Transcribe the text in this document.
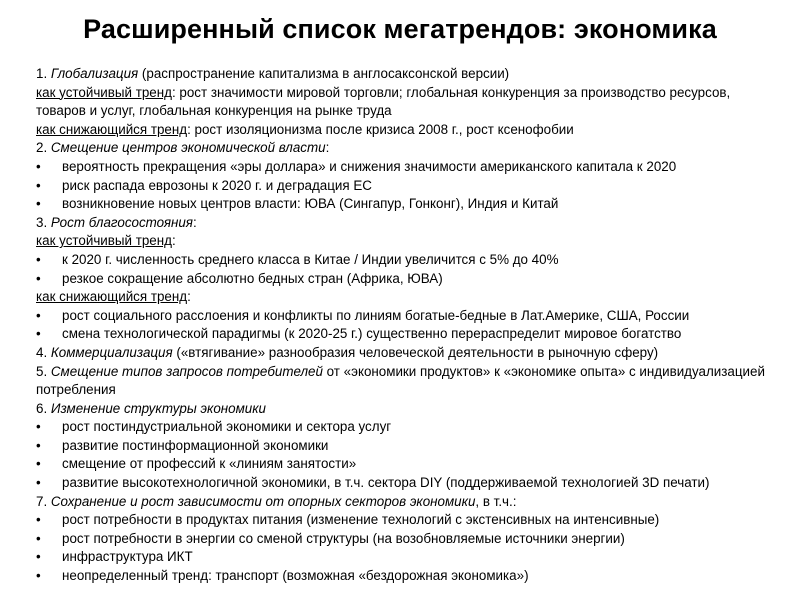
Расширенный список мегатрендов: экономика
1. Глобализация (распространение капитализма в англосаксонской версии)
как устойчивый тренд: рост значимости мировой торговли; глобальная конкуренция за производство ресурсов, товаров и услуг, глобальная конкуренция на рынке труда
как снижающийся тренд: рост изоляционизма после кризиса 2008 г., рост ксенофобии
2. Смещение центров экономической власти:
• вероятность прекращения «эры доллара» и снижения значимости американского капитала к 2020
• риск распада еврозоны к 2020 г. и деградация ЕС
• возникновение новых центров власти: ЮВА (Сингапур, Гонконг), Индия и Китай
3. Рост благосостояния:
как устойчивый тренд:
• к 2020 г. численность среднего класса в Китае / Индии увеличится с 5% до 40%
• резкое сокращение абсолютно бедных стран (Африка, ЮВА)
как снижающийся тренд:
• рост социального расслоения и конфликты по линиям богатые-бедные в Лат.Америке, США, России
• смена технологической парадигмы (к 2020-25 г.) существенно перераспределит мировое богатство
4. Коммерциализация («втягивание» разнообразия человеческой деятельности в рыночную сферу)
5. Смещение типов запросов потребителей от «экономики продуктов» к «экономике опыта» с индивидуализацией потребления
6. Изменение структуры экономики
• рост постиндустриальной экономики и сектора услуг
• развитие постинформационной экономики
• смещение от профессий к «линиям занятости»
• развитие высокотехнологичной экономики, в т.ч. сектора DIY (поддерживаемой технологией 3D печати)
7. Сохранение и рост зависимости от опорных секторов экономики, в т.ч.:
• рост потребности в продуктах питания (изменение технологий с экстенсивных на интенсивные)
• рост потребности в энергии со сменой структуры (на возобновляемые источники энергии)
• инфраструктура ИКТ
• неопределенный тренд: транспорт (возможная «бездорожная экономика»)
